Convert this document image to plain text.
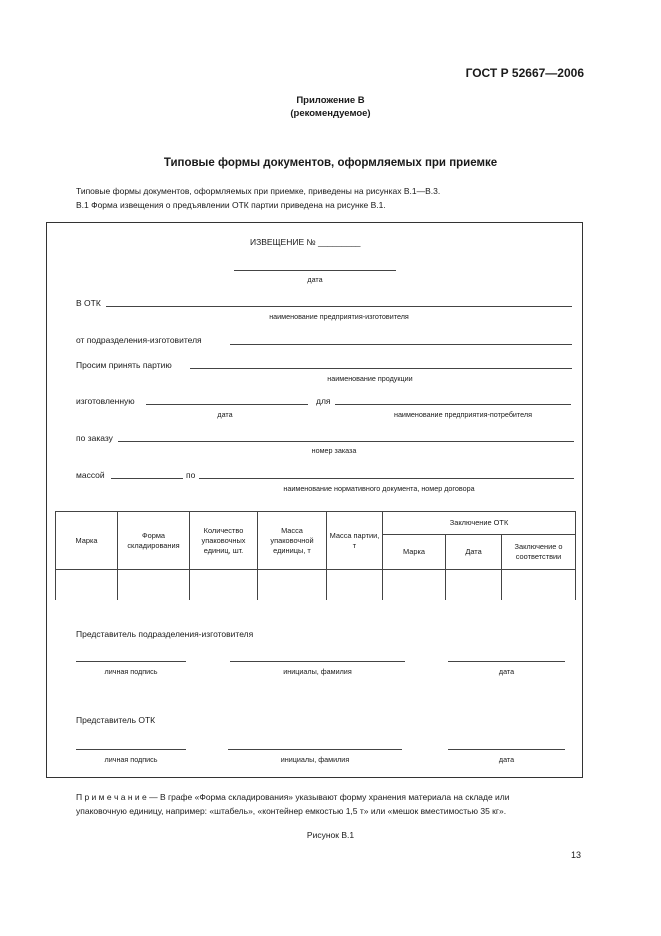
ГОСТ Р 52667—2006
Приложение В
(рекомендуемое)
Типовые формы документов, оформляемых при приемке
Типовые формы документов, оформляемых при приемке, приведены на рисунках В.1—В.3.
В.1 Форма извещения о предъявлении ОТК партии приведена на рисунке В.1.
ИЗВЕЩЕНИЕ № _________
дата
В ОТК
наименование предприятия-изготовителя
от подразделения-изготовителя
Просим принять партию
наименование продукции
изготовленную
дата
для
наименование предприятия-потребителя
по заказу
номер заказа
массой	по
наименование нормативного документа, номер договора
Марка	Форма складирования	Количество упаковочных единиц, шт.	Масса упаковочной единицы, т	Масса партии, т	Заключение ОТК		
					Марка	Дата	Заключение о соответствии

Представитель подразделения-изготовителя
личная подпись	инициалы, фамилия	дата
Представитель ОТК
личная подпись	инициалы, фамилия	дата
П р и м е ч а н и е — В графе «Форма складирования» указывают форму хранения материала на складе или
упаковочную единицу, например: «штабель», «контейнер емкостью 1,5 т» или «мешок вместимостью 35 кг».
Рисунок В.1
13
